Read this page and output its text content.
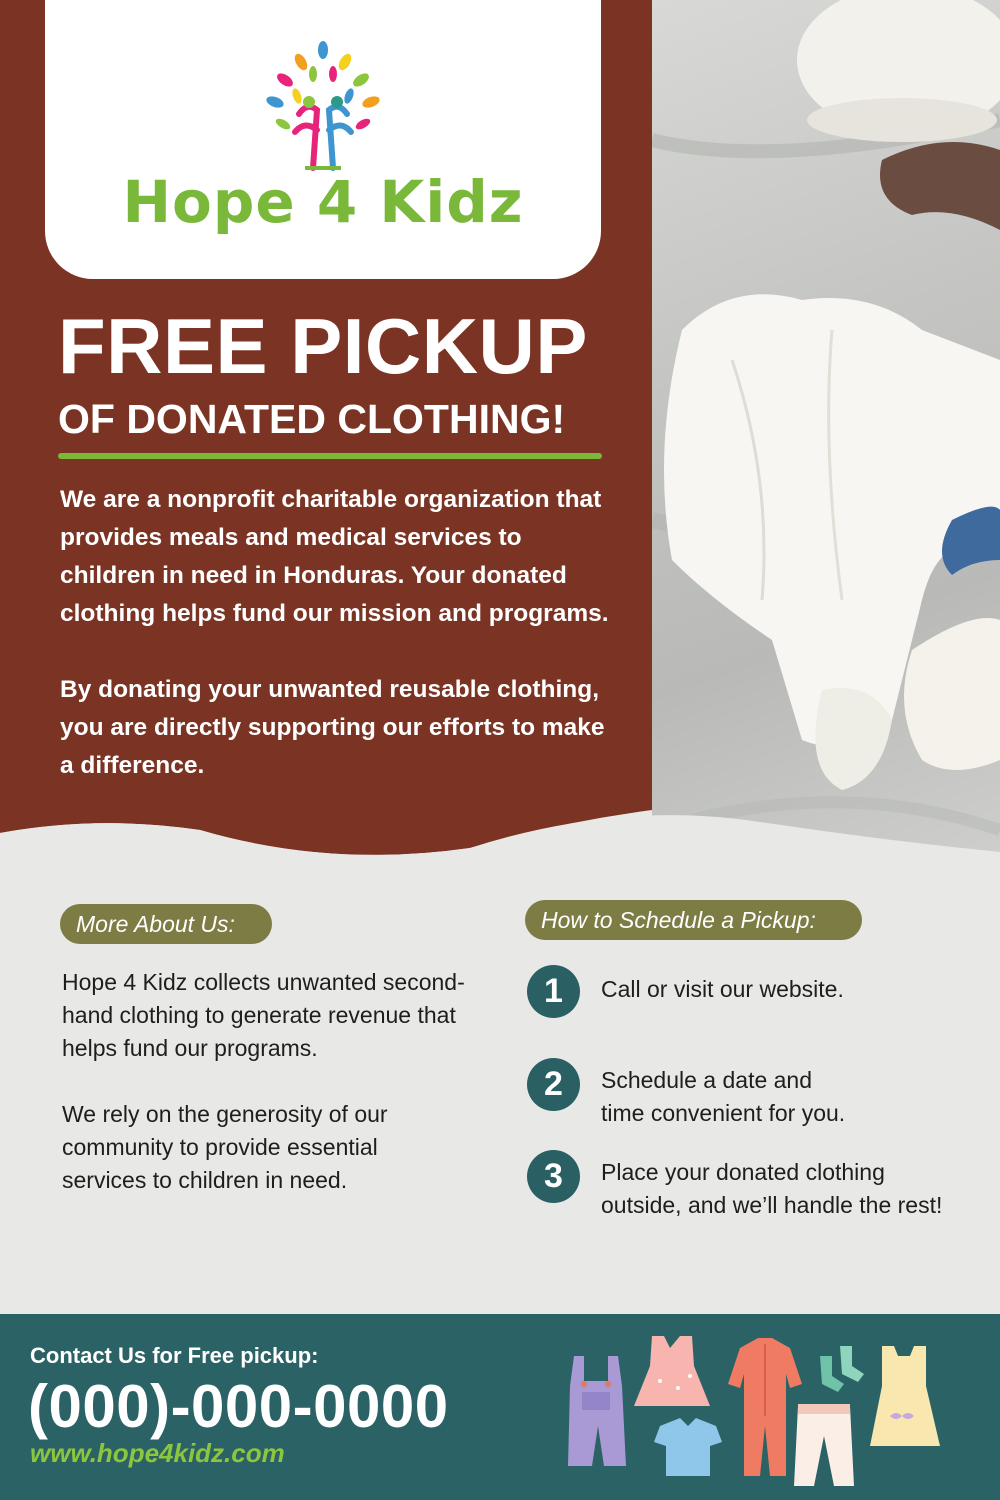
Hope 4 Kidz
FREE PICKUP
OF DONATED CLOTHING!

We are a nonprofit charitable organization that provides meals and medical services to children in need in Honduras. Your donated clothing helps fund our mission and programs.

By donating your unwanted reusable clothing, you are directly supporting our efforts to make a difference.

More About Us:

Hope 4 Kidz collects unwanted second-hand clothing to generate revenue that helps fund our programs.

We rely on the generosity of our community to provide essential services to children in need.

How to Schedule a Pickup:
1	Call or visit our website.
2	Schedule a date and time convenient for you.
3	Place your donated clothing outside, and we’ll handle the rest!
Contact Us for Free pickup:
(000)-000-0000
www.hope4kidz.com
